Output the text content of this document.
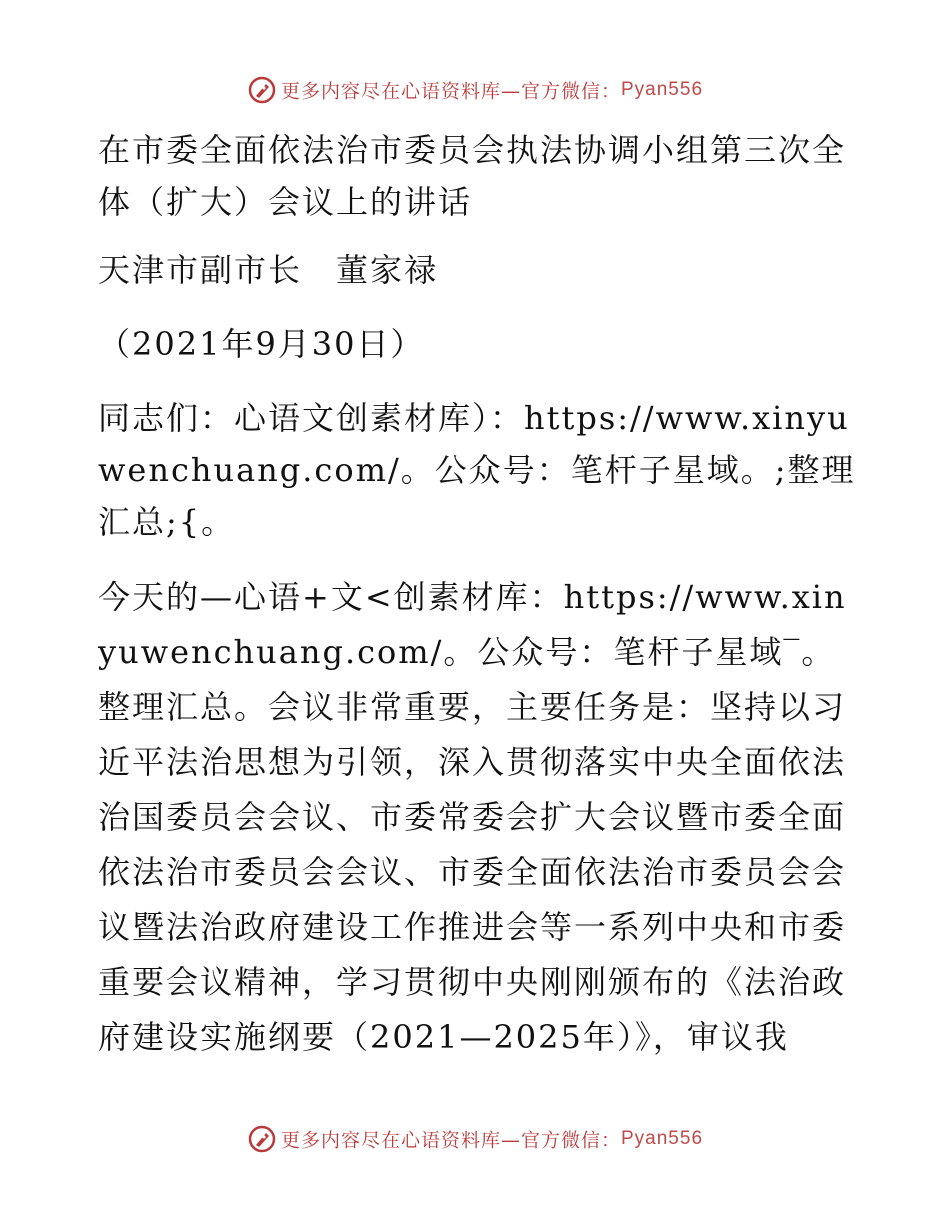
更多内容尽在心语资料库—官方微信：Pyan556

在市委全面依法治市委员会执法协调小组第三次全体（扩大）会议上的讲话

天津市副市长　董家禄

（2021年9月30日）

同志们：心语文创素材库）：https://www.xinyuwenchuang.com/。公众号：笔杆子星域。;整理汇总;{。

今天的—心语+文<创素材库：https://www.xinyuwenchuang.com/。公众号：笔杆子星域‾。整理汇总。会议非常重要，主要任务是：坚持以习近平法治思想为引领，深入贯彻落实中央全面依法治国委员会会议、市委常委会扩大会议暨市委全面依法治市委员会会议、市委全面依法治市委员会会议暨法治政府建设工作推进会等一系列中央和市委重要会议精神，学习贯彻中央刚刚颁布的《法治政府建设实施纲要（2021—2025年）》，审议我

更多内容尽在心语资料库—官方微信：Pyan556
